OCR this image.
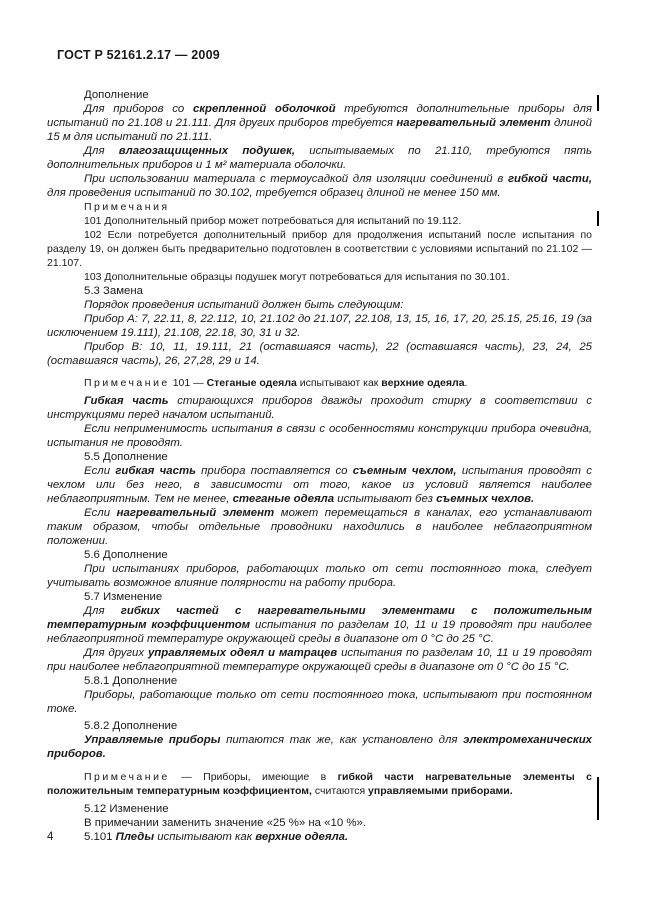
ГОСТ Р 52161.2.17 — 2009

Дополнение

Для приборов со скрепленной оболочкой требуются дополнительные приборы для испытаний по 21.108 и 21.111. Для других приборов требуется нагревательный элемент длиной 15 м для испытаний по 21.111.

Для влагозащищенных подушек, испытываемых по 21.110, требуются пять дополнительных приборов и 1 м² материала оболочки.

При использовании материала с термоусадкой для изоляции соединений в гибкой части, для проведения испытаний по 30.102, требуется образец длиной не менее 150 мм.

Примечания

101 Дополнительный прибор может потребоваться для испытаний по 19.112.

102 Если потребуется дополнительный прибор для продолжения испытаний после испытания по разделу 19, он должен быть предварительно подготовлен в соответствии с условиями испытаний по 21.102 — 21.107.

103 Дополнительные образцы подушек могут потребоваться для испытания по 30.101.

5.3 Замена

Порядок проведения испытаний должен быть следующим:

Прибор А: 7, 22.11, 8, 22.112, 10, 21.102 до 21.107, 22.108, 13, 15, 16, 17, 20, 25.15, 25.16, 19 (за исключением 19.111), 21.108, 22.18, 30, 31 и 32.

Прибор В: 10, 11, 19.111, 21 (оставшаяся часть), 22 (оставшаяся часть), 23, 24, 25 (оставшаяся часть), 26, 27,28, 29 и 14.

Примечание 101 — Стеганые одеяла испытывают как верхние одеяла.

Гибкая часть стирающихся приборов дважды проходит стирку в соответствии с инструкциями перед началом испытаний.

Если неприменимость испытания в связи с особенностями конструкции прибора очевидна, испытания не проводят.

5.5 Дополнение

Если гибкая часть прибора поставляется со съемным чехлом, испытания проводят с чехлом или без него, в зависимости от того, какое из условий является наиболее неблагоприятным. Тем не менее, стеганые одеяла испытывают без съемных чехлов.

Если нагревательный элемент может перемещаться в каналах, его устанавливают таким образом, чтобы отдельные проводники находились в наиболее неблагоприятном положении.

5.6 Дополнение

При испытаниях приборов, работающих только от сети постоянного тока, следует учитывать возможное влияние полярности на работу прибора.

5.7 Изменение

Для гибких частей с нагревательными элементами с положительным температурным коэффициентом испытания по разделам 10, 11 и 19 проводят при наиболее неблагоприятной температуре окружающей среды в диапазоне от 0 °С до 25 °С.

Для других управляемых одеял и матрацев испытания по разделам 10, 11 и 19 проводят при наиболее неблагоприятной температуре окружающей среды в диапазоне от 0 °С до 15 °С.

5.8.1 Дополнение

Приборы, работающие только от сети постоянного тока, испытывают при постоянном токе.

5.8.2 Дополнение

Управляемые приборы питаются так же, как установлено для электромеханических приборов.

Примечание — Приборы, имеющие в гибкой части нагревательные элементы с положительным температурным коэффициентом, считаются управляемыми приборами.

5.12 Изменение

В примечании заменить значение «25 %» на «10 %».

5.101 Пледы испытывают как верхние одеяла.

4
